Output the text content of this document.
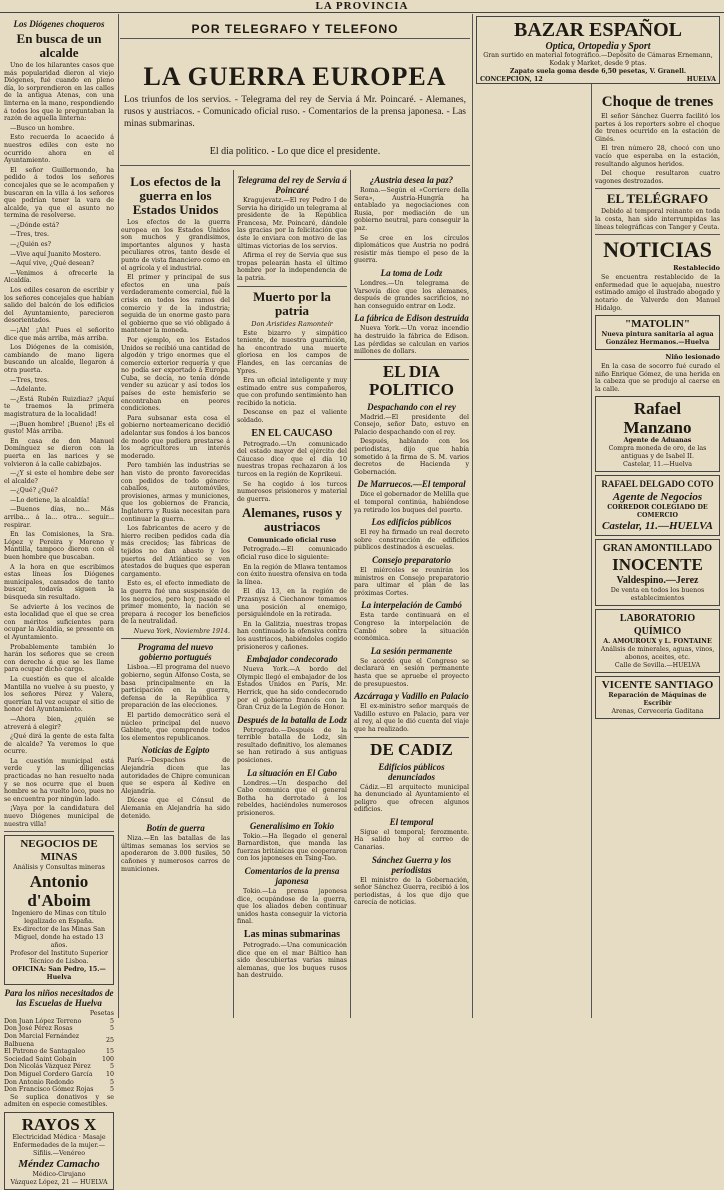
LA PROVINCIA
POR TELEGRAFO Y TELEFONO
LA GUERRA EUROPEA
Los triunfos de los servios. - Telegrama del rey de Servia á Mr. Poincaré. - Alemanes, rusos y austriacos. - Comunicado oficial ruso. - Comentarios de la prensa japonesa. - Las minas submarinas.
El dia politico. - Lo que dice el presidente.
Los Diógenes choqueros
En busca de un alcalde

Uno de los hilarantes casos que más popularidad dieron al viejo Diógenes, fué cuando en pleno día, lo sorprendieron en las calles de la antigua Atenas, con una linterna en la mano, respondiendo á todos los que le preguntaban la razón de aquella linterna:

—Busco un hombre.

Esto recuerda lo acaecido á nuestros ediles con este no ocurrido ahora en el Ayuntamiento.

El señor Guillermondo, ha pedido á todos los señores concejales que se le acompañen y buscaran en la villa á los señores que podrían tener la vara de alcalde, ya que el asunto no termina de resolverse.

—¿Dónde está?

—Tres, tres.

—¿Quién es?

—Vive aquí Juanito Mostero.

—Aquí vive, ¿Qué desean?

—Venimos á ofrecerle la Alcaldía.

Los ediles cesaron de escribir y los señores concejales que habían salido del balcón de los edificios del Ayuntamiento, parecieron desorientados.

—¡Ah! ¡Ah! Pues el señorito dice que más arriba, más arriba.

Los Diógenes de la comisión, cambiando de mano ligera buscando un alcalde, llegaron á otra puerta.

—Tres, tres.

—Adelante.

—¿Está Rubén Ruizdiaz? ¡Aquí te traemos la primera magistratura de la localidad!

—¡Buen hombre! ¡Bueno! ¡Es el gusto! Más arriba.

En casa de don Manuel Domínguez se dieron con la puerta en las narices y se volvieron á la calle cabizbajos.

—¿Y si este el hombre debe ser el alcalde?

—¿Qué? ¿Qué?

—Lo detiene, la alcaldía!

—Buenos días, no... Más arriba... á la... otra... seguir... respirar.

En las Comisiones, la Sra. López y Pereira y Moreno y Mantilla, tampoco dieron con el buen hombre que buscaban.

A la hora en que escribimos estas líneas los Diógenes municipales, cansados de tanto buscar, todavía siguen la búsqueda sin resultado.

Se advierte á los vecinos de esta localidad que el que se crea con méritos suficientes para ocupar la Alcaldía, se presente en el Ayuntamiento.

Probablemente también lo harán los señores que se creen con derecho á que se les llame para ocupar dicho cargo.

La cuestión es que el alcalde Mantilla no vuelve á su puesto, y los señores Pérez y Valera, querrían tal vez ocupar el sitio de honor del Ayuntamiento.

—Ahora bien, ¿quién se atreverá á elegir?

¿Qué dirá la gente de esta falta de alcalde? Ya veremos lo que ocurre.

La cuestión municipal está verde y las diligencias practicadas no han resuelto nada y se nos ocurre que el buen hombre se ha vuelto loco, pues no se encuentra por ningún lado.

¡Vaya por la candidatura del nuevo Diógenes municipal de nuestra villa!

NEGOCIOS DE MINAS
Análisis y Consultas mineras
Antonio d'Aboim
Ingeniero de Minas con título legalizado en España.
Ex-director de las Minas San Miguel, donde ha estado 13 años.
Profesor del Instituto Superior Técnico de Lisboa.
OFICINA: San Pedro, 15.—Huelva
Para los niños necesitados de las Escuelas de Huelva
Pesetas
Don Juan López Terreno	5
Don José Pérez Rosas	5
Don Marcial Fernández Balbuena	25
El Patrono de Santagaleo	15
Sociedad Saint Gobain	100
Don Nicolás Vázquez Pérez	5
Don Miguel Cordero García	10
Don Antonio Redondo	5
Don Francisco Gómez Rojas	5
Se suplica donativos y se admiten en especie comestibles.
RAYOS X
Electricidad Médica · Masaje
Enfermedades de la mujer.—Sífilis.—Venéreo
Méndez Camacho
Médico-Cirujano
Vázquez López, 21 — HUELVA
Los efectos de la guerra en los Estados Unidos

Los efectos de la guerra europea en los Estados Unidos son muchos y grandisimos, importantes algunos y hasta peculiares otros, tanto desde el punto de vista financiero como en el agrícola y el industrial.

El primer y principal de sus efectos en una país verdaderamente comercial, fué la crisis en todos los ramos del comercio y de la industria; seguida de un enorme gasto para el gobierno que se vió obligado á mantener la moneda.

Por ejemplo, en los Estados Unidos se recibió una cantidad de algodón y trigo enormes que el comercio exterior requería y que no podía ser exportado á Europa. Cuba, se decía, no tenía dónde vender su azúcar y así todos los países de este hemisferio se encontraban en peores condiciones.

Para subsanar esta cosa el gobierno norteamericano decidió adelantar sus fondos á los bancos de modo que pudiera prestarse á los agricultores un interés moderado.

Pero también las industrias se han visto de pronto favorecidas con pedidos de todo género: caballos, automóviles, provisiones, armas y municiones, que los gobiernos de Francia, Inglaterra y Rusia necesitan para continuar la guerra.

Los fabricantes de acero y de hierro reciben pedidos cada día más crecidos; las fábricas de tejidos no dan abasto y los puertos del Atlántico se ven atestados de buques que esperan cargamento.

Esto es, el efecto inmediato de la guerra fué una suspensión de los negocios, pero hoy, pasado el primer momento, la nación se prepara á recoger los beneficios de la neutralidad.

Nueva York, Noviembre 1914.
Programa del nuevo gobierno portugués

Lisboa.—El programa del nuevo gobierno, según Alfonso Costa, se basa principalmente en la participación en la guerra, defensa de la República y preparación de las elecciones.

El partido democrático será el núcleo principal del nuevo Gabinete, que comprende todos los elementos republicanos.

Noticias de Egipto

París.—Despachos de Alejandría dicen que las autoridades de Chipre comunican que se espera al Kedive en Alejandría.

Dícese que el Cónsul de Alemania en Alejandría ha sido detenido.

Botín de guerra

Niza.—En las batallas de las últimas semanas los servios se apoderaron de 3.000 fusiles, 50 cañones y numerosos carros de municiones.

Telegrama del rey de Servia á Poincaré

Kragujevatz.—El rey Pedro I de Servia ha dirigido un telegrama al presidente de la República Francesa, Mr. Poincaré, dándole las gracias por la felicitación que éste le enviara con motivo de las últimas victorias de los servios.

Afirma el rey de Servia que sus tropas pelearán hasta el último hombre por la independencia de la patria.

Muerto por la patria
Don Aristides Ramonteír

Este bizarro y simpático teniente, de nuestra guarnición, ha encontrado una muerte gloriosa en los campos de Flandes, en las cercanías de Ypres.

Era un oficial inteligente y muy estimado entre sus compañeros, que con profundo sentimiento han recibido la noticia.

Descanse en paz el valiente soldado.

EN EL CAUCASO

Petrogrado.—Un comunicado del estado mayor del ejército del Cáucaso dice que el día 10 nuestras tropas rechazaron á los turcos en la región de Koprikeui.

Se ha cogido á los turcos numerosos prisioneros y material de guerra.

Alemanes, rusos y austriacos
Comunicado oficial ruso

Petrogrado.—El comunicado oficial ruso dice lo siguiente:

En la región de Mlawa tentamos con éxito nuestra ofensiva en toda la línea.

El día 13, en la región de Przasnysz á Ciechanow tomamos una posición al enemigo, persiguiéndole en la retirada.

En la Galitzia, nuestras tropas han continuado la ofensiva contra los austriacos, habiéndoles cogido prisioneros y cañones.

Embajador condecorado

Nueva York.—A bordo del Olympic llegó el embajador de los Estados Unidos en París, Mr. Herrick, que ha sido condecorado por el gobierno francés con la Gran Cruz de la Legión de Honor.

Después de la batalla de Lodz

Petrogrado.—Después de la terrible batalla de Lodz, sin resultado definitivo, los alemanes se han retirado á sus antiguas posiciones.

La situación en El Cabo

Londres.—Un despacho del Cabo comunica que el general Botha ha derrotado á los rebeldes, haciéndoles numerosos prisioneros.

Generalísimo en Tokio

Tokio.—Ha llegado el general Barnardiston, que manda las fuerzas británicas que cooperaron con los japoneses en Tsing-Tao.

Comentarios de la prensa japonesa

Tokio.—La prensa japonesa dice, ocupándose de la guerra, que los aliados deben continuar unidos hasta conseguir la victoria final.

Las minas submarinas

Petrogrado.—Una comunicación dice que en el mar Báltico han sido descubiertas varias minas alemanas, que los buques rusos han destruido.

¿Austria desea la paz?

Roma.—Según el «Corriere della Sera», Austria-Hungría ha entablado ya negociaciones con Rusia, por mediación de un gobierno neutral, para conseguir la paz.

Se cree en los círculos diplomáticos que Austria no podrá resistir más tiempo el peso de la guerra.

La toma de Lodz

Londres.—Un telegrama de Varsovia dice que los alemanes, después de grandes sacrificios, no han conseguido entrar en Lodz.

La fábrica de Edison destruida

Nueva York.—Un voraz incendio ha destruido la fábrica de Edison. Las pérdidas se calculan en varios millones de dollars.

EL DIA POLITICO
Despachando con el rey

Madrid.—El presidente del Consejo, señor Dato, estuvo en Palacio despachando con el rey.

Después, hablando con los periodistas, dijo que había sometido á la firma de S. M. varios decretos de Hacienda y Gobernación.

De Marruecos.—El temporal

Dice el gobernador de Melilla que el temporal continúa, habiéndose ya retirado los buques del puerto.

Los edificios públicos

El rey ha firmado un real decreto sobre construcción de edificios públicos destinados á escuelas.

Consejo preparatorio

El miércoles se reunirán los ministros en Consejo preparatorio para ultimar el plan de las próximas Cortes.

La interpelación de Cambó

Esta tarde continuará en el Congreso la interpelación de Cambó sobre la situación económica.

La sesión permanente

Se acordó que el Congreso se declarará en sesión permanente hasta que se apruebe el proyecto de presupuestos.

Azcárraga y Vadillo en Palacio

El ex-ministro señor marqués de Vadillo estuvo en Palacio, para ver al rey, al que le dió cuenta del viaje que ha realizado.

DE CADIZ
Edificios públicos denunciados

Cádiz.—El arquitecto municipal ha denunciado al Ayuntamiento el peligro que ofrecen algunos edificios.

El temporal

Sigue el temporal; ferozmente. Ha salido hoy el correo de Canarias.

Sánchez Guerra y los periodistas

El ministro de la Gobernación, señor Sánchez Guerra, recibió á los periodistas, á los que dijo que carecía de noticias.

BAZAR ESPAÑOL
Optica, Ortopedia y Sport
Gran surtido en material fotográfico.—Depósito de Cámaras Ernemann, Kodak y Market, desde 9 ptas.
Zapato suela goma desde 6,50 pesetas, V. Granell.
CONCEPCION, 12	HUELVA
Choque de trenes

El señor Sánchez Guerra facilitó los partes á los reporters sobre el choque de trenes ocurrido en la estación de Ginés.

El tren número 28, chocó con uno vacío que esperaba en la estación, resultando algunos heridos.

Del choque resultaron cuatro vagones destrozados.

EL TELÉGRAFO

Debido al temporal reinante en toda la costa, han sido interrumpidas las líneas telegráficas con Tanger y Ceuta.

NOTICIAS
Restablecido

Se encuentra restablecido de la enfermedad que le aquejaba, nuestro estimado amigo el ilustrado abogado y notario de Valverde don Manuel Hidalgo.

"MATOLIN"
Nueva pintura sanitaria al agua González Hermanos.—Huelva
Niño lesionado

En la casa de socorro fué curado el niño Enrique Gómez, de una herida en la cabeza que se produjo al caerse en la calle.

Rafael Manzano
Agente de Aduanas
Compra moneda de oro, de las antiguas y de Isabel II.
Castelar, 11.—Huelva
RAFAEL DELGADO COTO
Agente de Negocios
CORREDOR COLEGIADO DE COMERCIO
Castelar, 11.—HUELVA
GRAN AMONTILLADO
INOCENTE
Valdespino.—Jerez
De venta en todos los buenos establecimientos
LABORATORIO QUÍMICO
A. AMOUROUX y L. FONTAINE
Análisis de minerales, aguas, vinos, abonos, aceites, etc.
Calle de Sevilla.—HUELVA
VICENTE SANTIAGO
Reparación de Máquinas de Escribir
Arenas, Cervecería Gaditana
